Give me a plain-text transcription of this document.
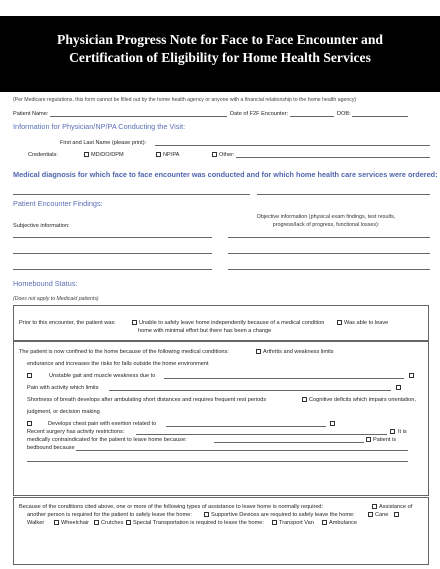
Physician Progress Note for Face to Face Encounter and
Certification of Eligibility for Home Health Services
(Per Medicare regulations, this form cannot be filled out by the home health agency or anyone with a financial relationship to the home health agency)
Patient Name:	Date of F2F Encounter:	DOB:
Information for Physician/NP/PA Conducting the Visit:
First and Last Name (please print):
Credentials:	MD/DO/DPM	NP/PA	Other:
Medical diagnosis for which face to face encounter was conducted and for which home health care services were ordered:
Patient Encounter Findings:
Objective information (physical exam findings, test results,
progress/lack of progress, functional losses):
Subjective information:
Homebound Status:
(Does not apply to Medicaid patients)
Prior to this encounter, the patient was:	Unable to safely leave home independently because of a medical condition	Was able to leave
home with minimal effort but there has been a change
The patient is now confined to the home because of the following medical conditions:	Arthritis and weakness limits
endurance and increases the risks for falls outside the home environment
Unstable gait and muscle weakness due to
Pain with activity which limits
Shortness of breath develops after ambulating short distances and requires frequent rest periods	Cognitive deficits which impairs orientation,
judgment, or decision making
Develops chest pain with exertion related to
Recent surgery has activity restrictions:	It is
medically contraindicated for the patient to leave home because:	Patient is
bedbound because
Because of the conditions cited above, one or more of the following types of assistance to leave home is normally required:	Assistance of
another person is required for the patient to safely leave the home:	Supportive Devices are required to safely leave the home:	Cane
Walker	Wheelchair	Crutches	Special Transportation is required to leave the home:	Transport Van	Ambulance
